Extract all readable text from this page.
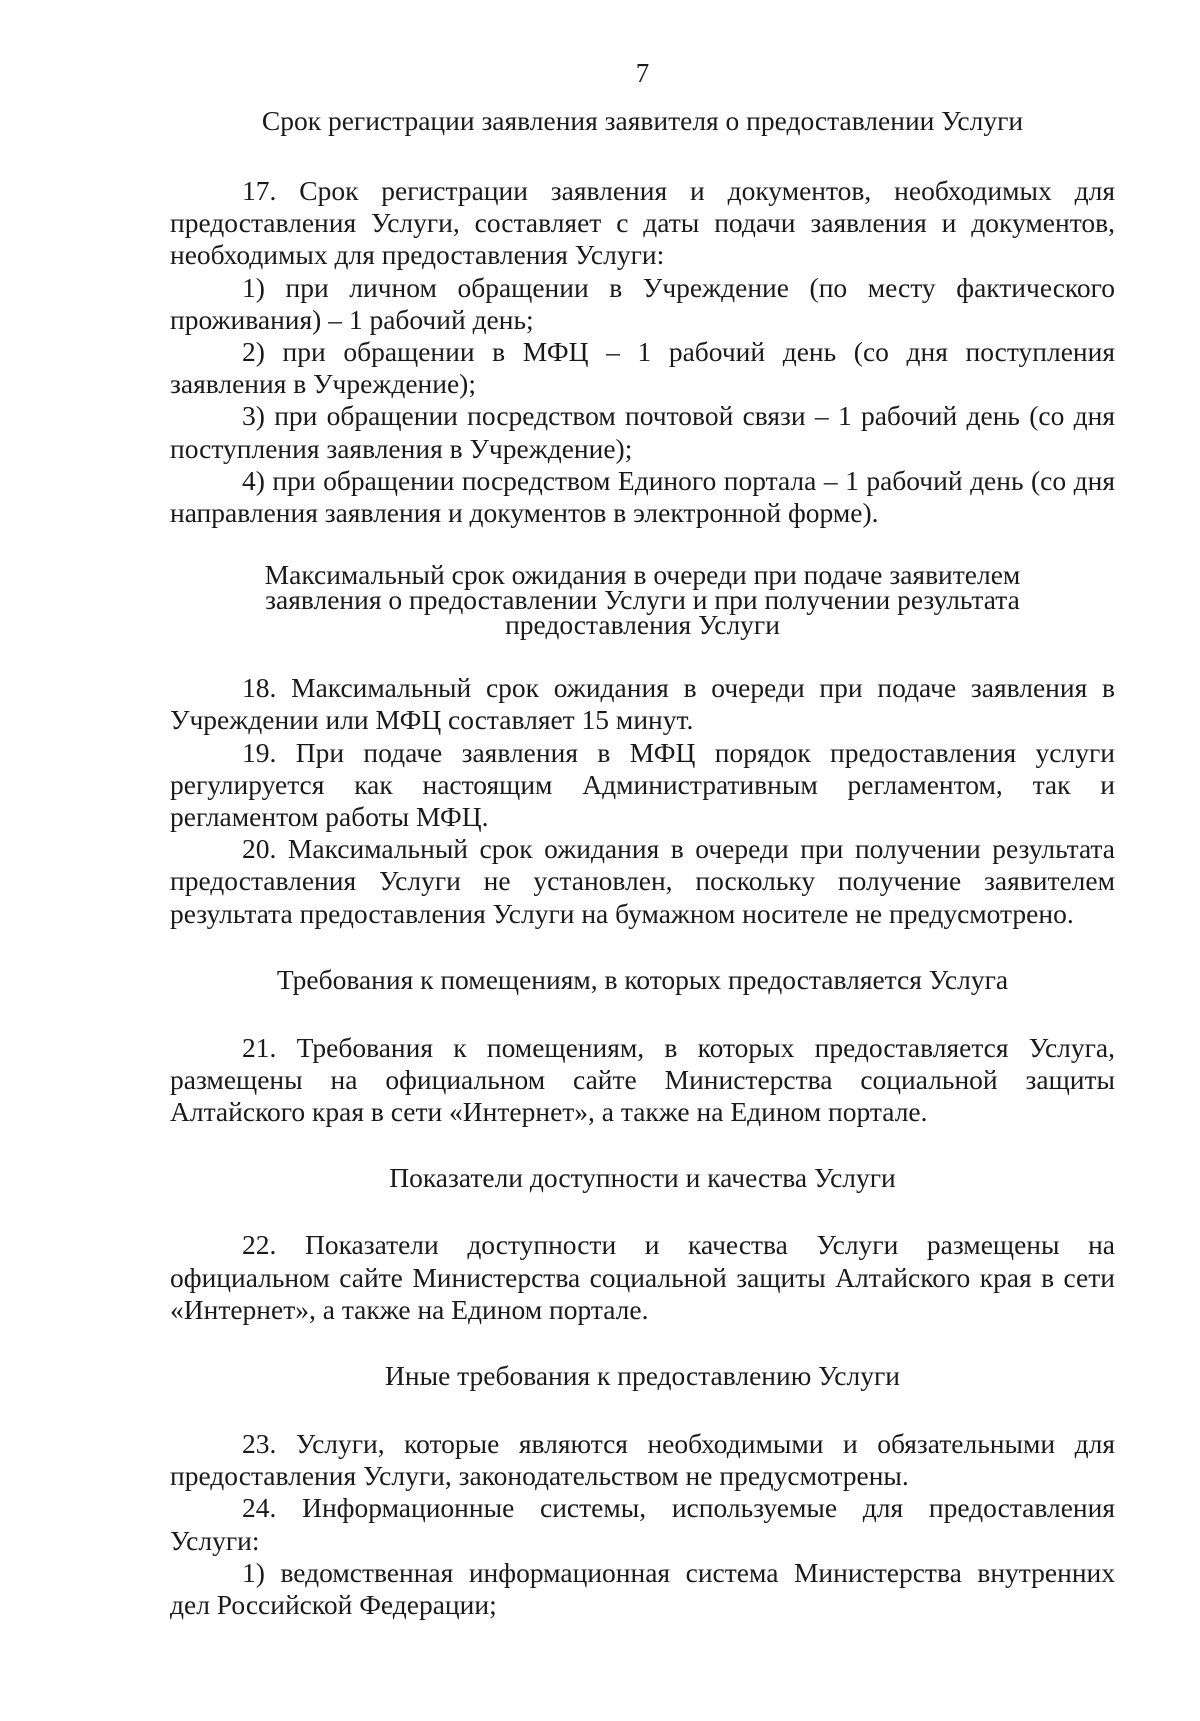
7
Срок регистрации заявления заявителя о предоставлении Услуги
17. Срок регистрации заявления и документов, необходимых для предоставления Услуги, составляет с даты подачи заявления и документов, необходимых для предоставления Услуги:
1) при личном обращении в Учреждение (по месту фактического проживания) – 1 рабочий день;
2) при обращении в МФЦ – 1 рабочий день (со дня поступления заявления в Учреждение);
3) при обращении посредством почтовой связи – 1 рабочий день (со дня поступления заявления в Учреждение);
4) при обращении посредством Единого портала – 1 рабочий день (со дня направления заявления и документов в электронной форме).
Максимальный срок ожидания в очереди при подаче заявителем
заявления о предоставлении Услуги и при получении результата
предоставления Услуги
18. Максимальный срок ожидания в очереди при подаче заявления в Учреждении или МФЦ составляет 15 минут.
19. При подаче заявления в МФЦ порядок предоставления услуги регулируется как настоящим Административным регламентом, так и регламентом работы МФЦ.
20. Максимальный срок ожидания в очереди при получении результата предоставления Услуги не установлен, поскольку получение заявителем результата предоставления Услуги на бумажном носителе не предусмотрено.
Требования к помещениям, в которых предоставляется Услуга
21. Требования к помещениям, в которых предоставляется Услуга, размещены на официальном сайте Министерства социальной защиты Алтайского края в сети «Интернет», а также на Едином портале.
Показатели доступности и качества Услуги
22. Показатели доступности и качества Услуги размещены на официальном сайте Министерства социальной защиты Алтайского края в сети «Интернет», а также на Едином портале.
Иные требования к предоставлению Услуги
23. Услуги, которые являются необходимыми и обязательными для предоставления Услуги, законодательством не предусмотрены.
24. Информационные системы, используемые для предоставления Услуги:
1) ведомственная информационная система Министерства внутренних дел Российской Федерации;
